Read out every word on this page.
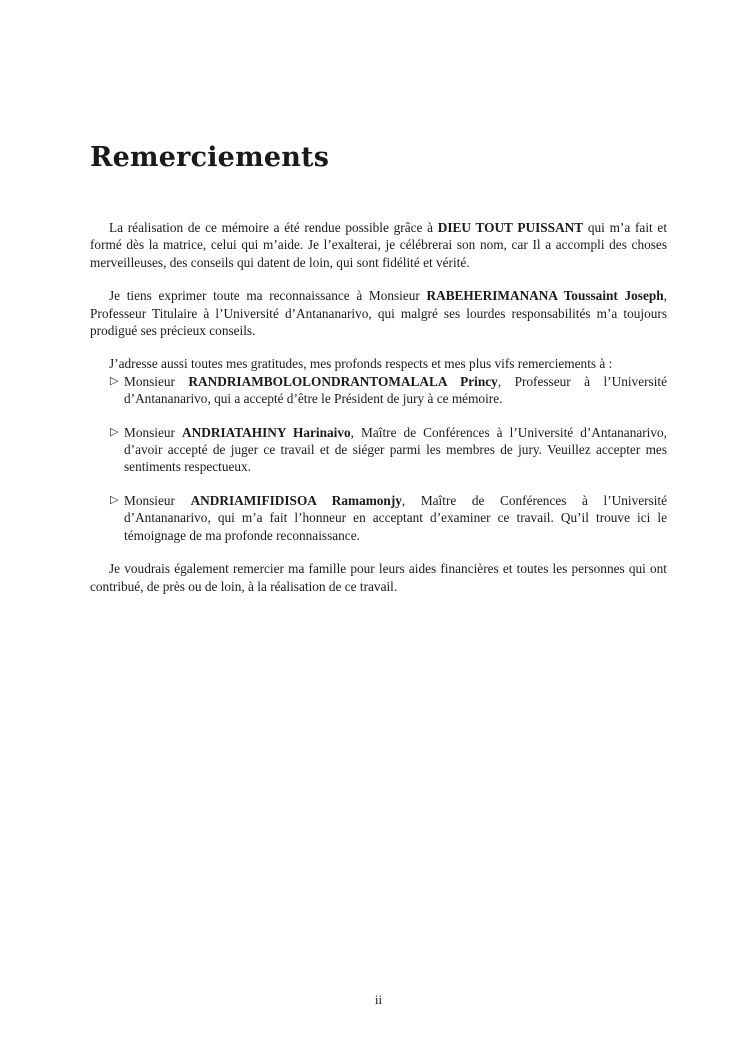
Remerciements

La réalisation de ce mémoire a été rendue possible grâce à DIEU TOUT PUISSANT qui m’a fait et formé dès la matrice, celui qui m’aide. Je l’exalterai, je célébrerai son nom, car Il a accompli des choses merveilleuses, des conseils qui datent de loin, qui sont fidélité et vérité.

Je tiens exprimer toute ma reconnaissance à Monsieur RABEHERIMANANA Toussaint Joseph, Professeur Titulaire à l’Université d’Antananarivo, qui malgré ses lourdes responsabilités m’a toujours prodigué ses précieux conseils.

J’adresse aussi toutes mes gratitudes, mes profonds respects et mes plus vifs remerciements à :

▷ Monsieur RANDRIAMBOLOLONDRANTOMALALA Princy, Professeur à l’Université d’Antananarivo, qui a accepté d’être le Président de jury à ce mémoire.
▷ Monsieur ANDRIATAHINY Harinaivo, Maître de Conférences à l’Université d’Antananarivo, d’avoir accepté de juger ce travail et de siéger parmi les membres de jury. Veuillez accepter mes sentiments respectueux.
▷ Monsieur ANDRIAMIFIDISOA Ramamonjy, Maître de Conférences à l’Université d’Antananarivo, qui m’a fait l’honneur en acceptant d’examiner ce travail. Qu’il trouve ici le témoignage de ma profonde reconnaissance.

Je voudrais également remercier ma famille pour leurs aides financières et toutes les personnes qui ont contribué, de près ou de loin, à la réalisation de ce travail.

ii
